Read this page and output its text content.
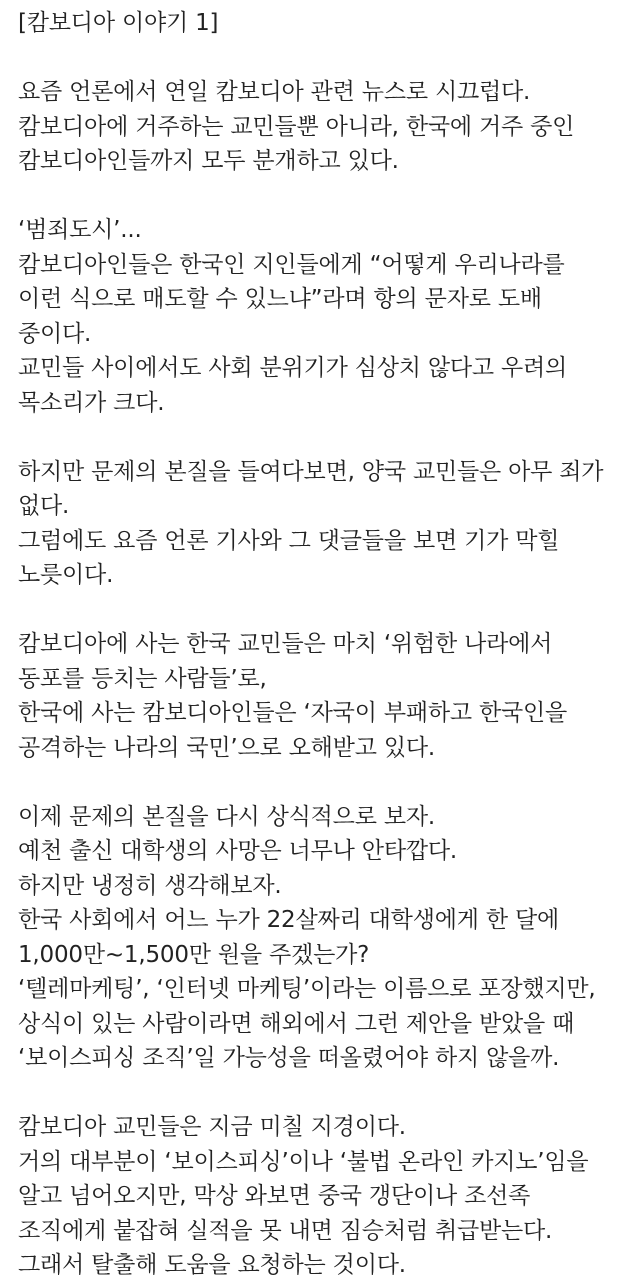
[캄보디아 이야기 1]
요즘 언론에서 연일 캄보디아 관련 뉴스로 시끄럽다.
캄보디아에 거주하는 교민들뿐 아니라, 한국에 거주 중인
캄보디아인들까지 모두 분개하고 있다.
‘범죄도시’...
캄보디아인들은 한국인 지인들에게 “어떻게 우리나라를
이런 식으로 매도할 수 있느냐”라며 항의 문자로 도배
중이다.
교민들 사이에서도 사회 분위기가 심상치 않다고 우려의
목소리가 크다.
하지만 문제의 본질을 들여다보면, 양국 교민들은 아무 죄가
없다.
그럼에도 요즘 언론 기사와 그 댓글들을 보면 기가 막힐
노릇이다.
캄보디아에 사는 한국 교민들은 마치 ‘위험한 나라에서
동포를 등치는 사람들’로,
한국에 사는 캄보디아인들은 ‘자국이 부패하고 한국인을
공격하는 나라의 국민’으로 오해받고 있다.
이제 문제의 본질을 다시 상식적으로 보자.
예천 출신 대학생의 사망은 너무나 안타깝다.
하지만 냉정히 생각해보자.
한국 사회에서 어느 누가 22살짜리 대학생에게 한 달에
1,000만~1,500만 원을 주겠는가?
‘텔레마케팅’, ‘인터넷 마케팅’이라는 이름으로 포장했지만,
상식이 있는 사람이라면 해외에서 그런 제안을 받았을 때
‘보이스피싱 조직’일 가능성을 떠올렸어야 하지 않을까.
캄보디아 교민들은 지금 미칠 지경이다.
거의 대부분이 ‘보이스피싱’이나 ‘불법 온라인 카지노’임을
알고 넘어오지만, 막상 와보면 중국 갱단이나 조선족
조직에게 붙잡혀 실적을 못 내면 짐승처럼 취급받는다.
그래서 탈출해 도움을 요청하는 것이다.
